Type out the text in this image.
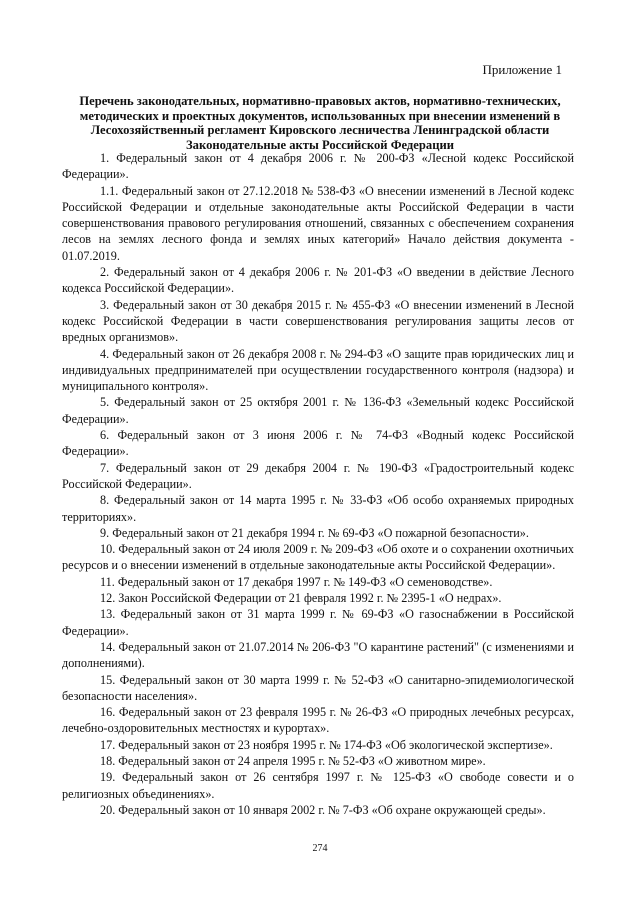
Приложение 1
Перечень законодательных, нормативно-правовых актов, нормативно-технических,
методических и проектных документов, использованных при внесении изменений в
Лесохозяйственный регламент Кировского лесничества Ленинградской области
Законодательные акты Российской Федерации

1. Федеральный закон от 4 декабря 2006 г. № 200-ФЗ «Лесной кодекс Российской Федерации».

1.1. Федеральный закон от 27.12.2018 № 538-ФЗ «О внесении изменений в Лесной кодекс Российской Федерации и отдельные законодательные акты Российской Федерации в части совершенствования правового регулирования отношений, связанных с обеспечением сохранения лесов на землях лесного фонда и землях иных категорий» Начало действия документа - 01.07.2019.

2. Федеральный закон от 4 декабря 2006 г. № 201-ФЗ «О введении в действие Лесного кодекса Российской Федерации».

3. Федеральный закон от 30 декабря 2015 г. № 455-ФЗ «О внесении изменений в Лесной кодекс Российской Федерации в части совершенствования регулирования защиты лесов от вредных организмов».

4. Федеральный закон от 26 декабря 2008 г. № 294-ФЗ «О защите прав юридических лиц и индивидуальных предпринимателей при осуществлении государственного контроля (надзора) и муниципального контроля».

5. Федеральный закон от 25 октября 2001 г. № 136-ФЗ «Земельный кодекс Российской Федерации».

6. Федеральный закон от 3 июня 2006 г. № 74-ФЗ «Водный кодекс Российской Федерации».

7. Федеральный закон от 29 декабря 2004 г. № 190-ФЗ «Градостроительный кодекс Российской Федерации».

8. Федеральный закон от 14 марта 1995 г. № 33-ФЗ «Об особо охраняемых природных территориях».

9. Федеральный закон от 21 декабря 1994 г. № 69-ФЗ «О пожарной безопасности».

10. Федеральный закон от 24 июля 2009 г. № 209-ФЗ «Об охоте и о сохранении охотничьих ресурсов и о внесении изменений в отдельные законодательные акты Российской Федерации».

11. Федеральный закон от 17 декабря 1997 г. № 149-ФЗ «О семеноводстве».

12. Закон Российской Федерации от 21 февраля 1992 г. № 2395-1 «О недрах».

13. Федеральный закон от 31 марта 1999 г. № 69-ФЗ «О газоснабжении в Российской Федерации».

14. Федеральный закон от 21.07.2014 № 206-ФЗ "О карантине растений" (с изменениями и дополнениями).

15. Федеральный закон от 30 марта 1999 г. № 52-ФЗ «О санитарно-эпидемиологической безопасности населения».

16. Федеральный закон от 23 февраля 1995 г. № 26-ФЗ «О природных лечебных ресурсах, лечебно-оздоровительных местностях и курортах».

17. Федеральный закон от 23 ноября 1995 г. № 174-ФЗ «Об экологической экспертизе».

18. Федеральный закон от 24 апреля 1995 г. № 52-ФЗ «О животном мире».

19. Федеральный закон от 26 сентября 1997 г. № 125-ФЗ «О свободе совести и о религиозных объединениях».

20. Федеральный закон от 10 января 2002 г. № 7-ФЗ «Об охране окружающей среды».

274
